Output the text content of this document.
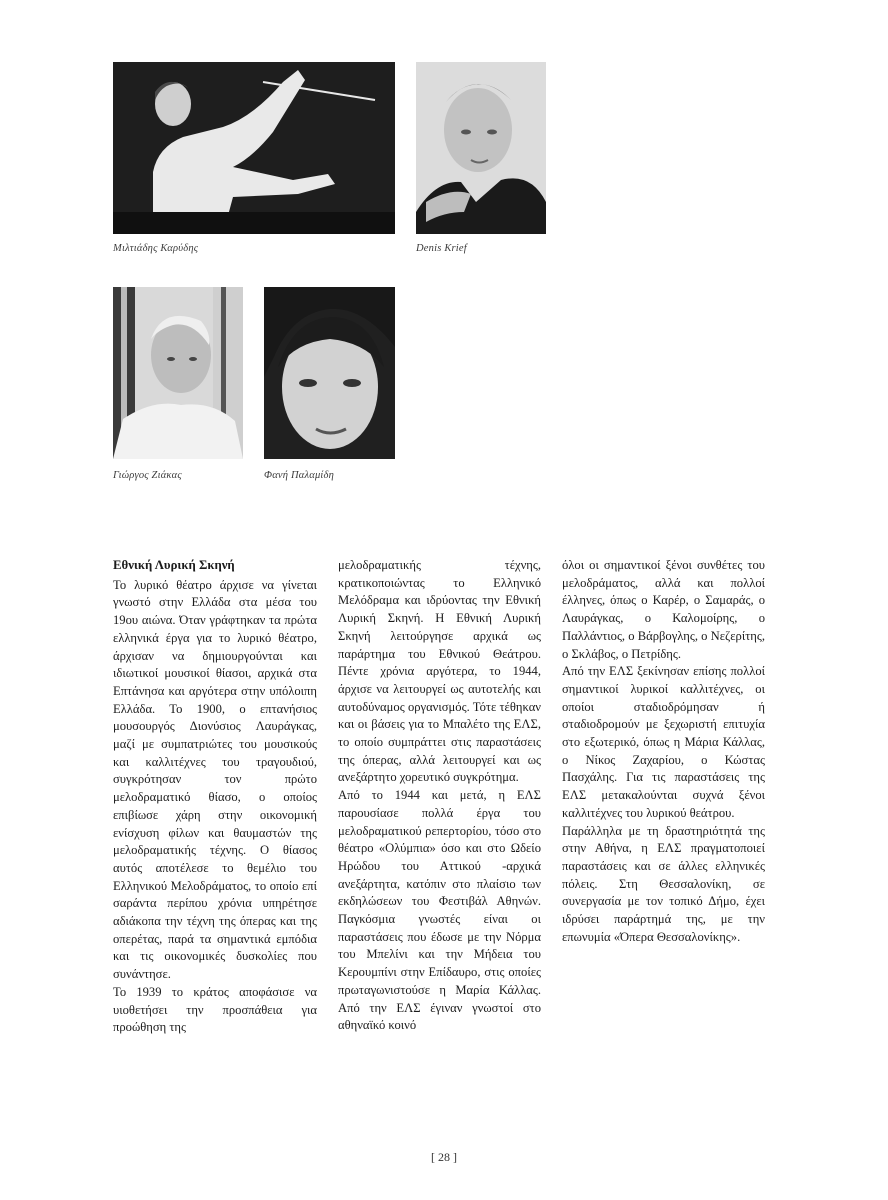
Μιλτιάδης Καρύδης	Denis Krief
Γιώργος Ζιάκας	Φανή Παλαμίδη
Εθνική Λυρική Σκηνή

Το λυρικό θέατρο άρχισε να γίνεται γνωστό στην Ελλάδα στα μέσα του 19ου αιώνα. Όταν γράφτηκαν τα πρώτα ελληνικά έργα για το λυρικό θέατρο, άρχισαν να δημιουργούνται και ιδιωτικοί μουσικοί θίασοι, αρχικά στα Επτάνησα και αργότερα στην υπόλοιπη Ελλάδα. Το 1900, ο επτανήσιος μουσουργός Διονύσιος Λαυράγκας, μαζί με συμπατριώτες του μουσικούς και καλλιτέχνες του τραγουδιού, συγκρότησαν τον πρώτο μελοδραματικό θίασο, ο οποίος επιβίωσε χάρη στην οικονομική ενίσχυση φίλων και θαυμαστών της μελοδραματικής τέχνης. Ο θίασος αυτός αποτέλεσε το θεμέλιο του Ελληνικού Μελοδράματος, το οποίο επί σαράντα περίπου χρόνια υπηρέτησε αδιάκοπα την τέχνη της όπερας και της οπερέτας, παρά τα σημαντικά εμπόδια και τις οικονομικές δυσκολίες που συνάντησε.

Το 1939 το κράτος αποφάσισε να υιοθετήσει την προσπάθεια για προώθηση της

μελοδραματικής τέχνης, κρατικοποιώντας το Ελληνικό Μελόδραμα και ιδρύοντας την Εθνική Λυρική Σκηνή. Η Εθνική Λυρική Σκηνή λειτούργησε αρχικά ως παράρτημα του Εθνικού Θεάτρου. Πέντε χρόνια αργότερα, το 1944, άρχισε να λειτουργεί ως αυτοτελής και αυτοδύναμος οργανισμός. Τότε τέθηκαν και οι βάσεις για το Μπαλέτο της ΕΛΣ, το οποίο συμπράττει στις παραστάσεις της όπερας, αλλά λειτουργεί και ως ανεξάρτητο χορευτικό συγκρότημα.

Από το 1944 και μετά, η ΕΛΣ παρουσίασε πολλά έργα του μελοδραματικού ρεπερτορίου, τόσο στο θέατρο «Ολύμπια» όσο και στο Ωδείο Ηρώδου του Αττικού -αρχικά ανεξάρτητα, κατόπιν στο πλαίσιο των εκδηλώσεων του Φεστιβάλ Αθηνών. Παγκόσμια γνωστές είναι οι παραστάσεις που έδωσε με την Νόρμα του Μπελίνι και την Μήδεια του Κερουμπίνι στην Επίδαυρο, στις οποίες πρωταγωνιστούσε η Μαρία Κάλλας. Από την ΕΛΣ έγιναν γνωστοί στο αθηναϊκό κοινό

όλοι οι σημαντικοί ξένοι συνθέτες του μελοδράματος, αλλά και πολλοί έλληνες, όπως ο Καρέρ, ο Σαμαράς, ο Λαυράγκας, ο Καλομοίρης, ο Παλλάντιος, ο Βάρβογλης, ο Νεζερίτης, ο Σκλάβος, ο Πετρίδης.

Από την ΕΛΣ ξεκίνησαν επίσης πολλοί σημαντικοί λυρικοί καλλιτέχνες, οι οποίοι σταδιοδρόμησαν ή σταδιοδρομούν με ξεχωριστή επιτυχία στο εξωτερικό, όπως η Μάρια Κάλλας, ο Νίκος Ζαχαρίου, ο Κώστας Πασχάλης. Για τις παραστάσεις της ΕΛΣ μετακαλούνται συχνά ξένοι καλλιτέχνες του λυρικού θεάτρου.

Παράλληλα με τη δραστηριότητά της στην Αθήνα, η ΕΛΣ πραγματοποιεί παραστάσεις και σε άλλες ελληνικές πόλεις. Στη Θεσσαλονίκη, σε συνεργασία με τον τοπικό Δήμο, έχει ιδρύσει παράρτημά της, με την επωνυμία «Όπερα Θεσσαλονίκης».

[ 28 ]
